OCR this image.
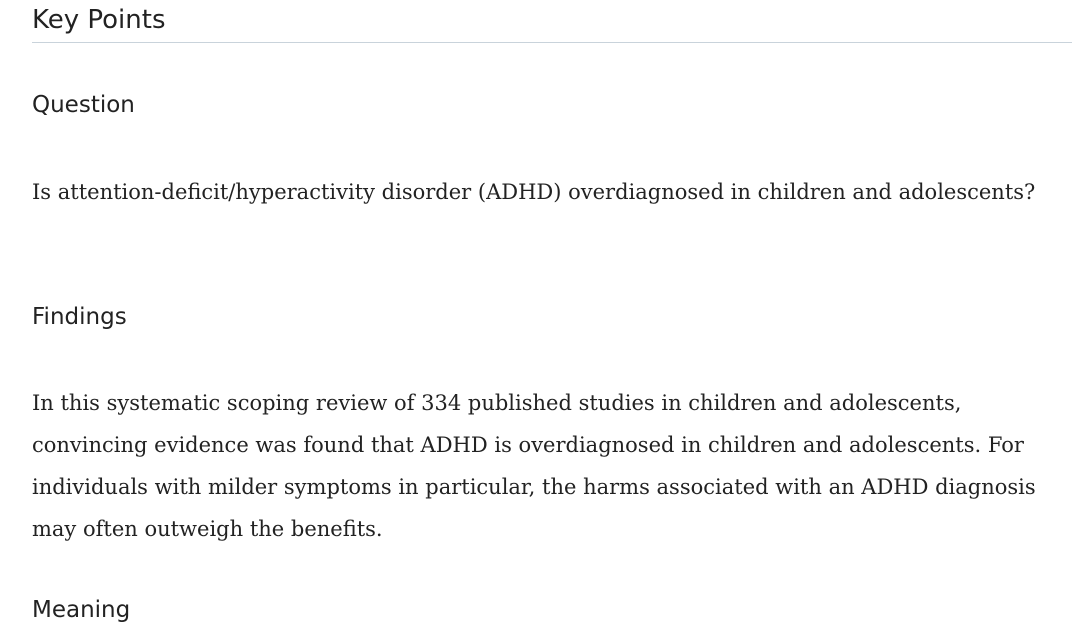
Key Points
Question

Is attention-deficit/hyperactivity disorder (ADHD) overdiagnosed in children and adolescents?

Findings

In this systematic scoping review of 334 published studies in children and adolescents, convincing evidence was found that ADHD is overdiagnosed in children and adolescents. For individuals with milder symptoms in particular, the harms associated with an ADHD diagnosis may often outweigh the benefits.

Meaning
